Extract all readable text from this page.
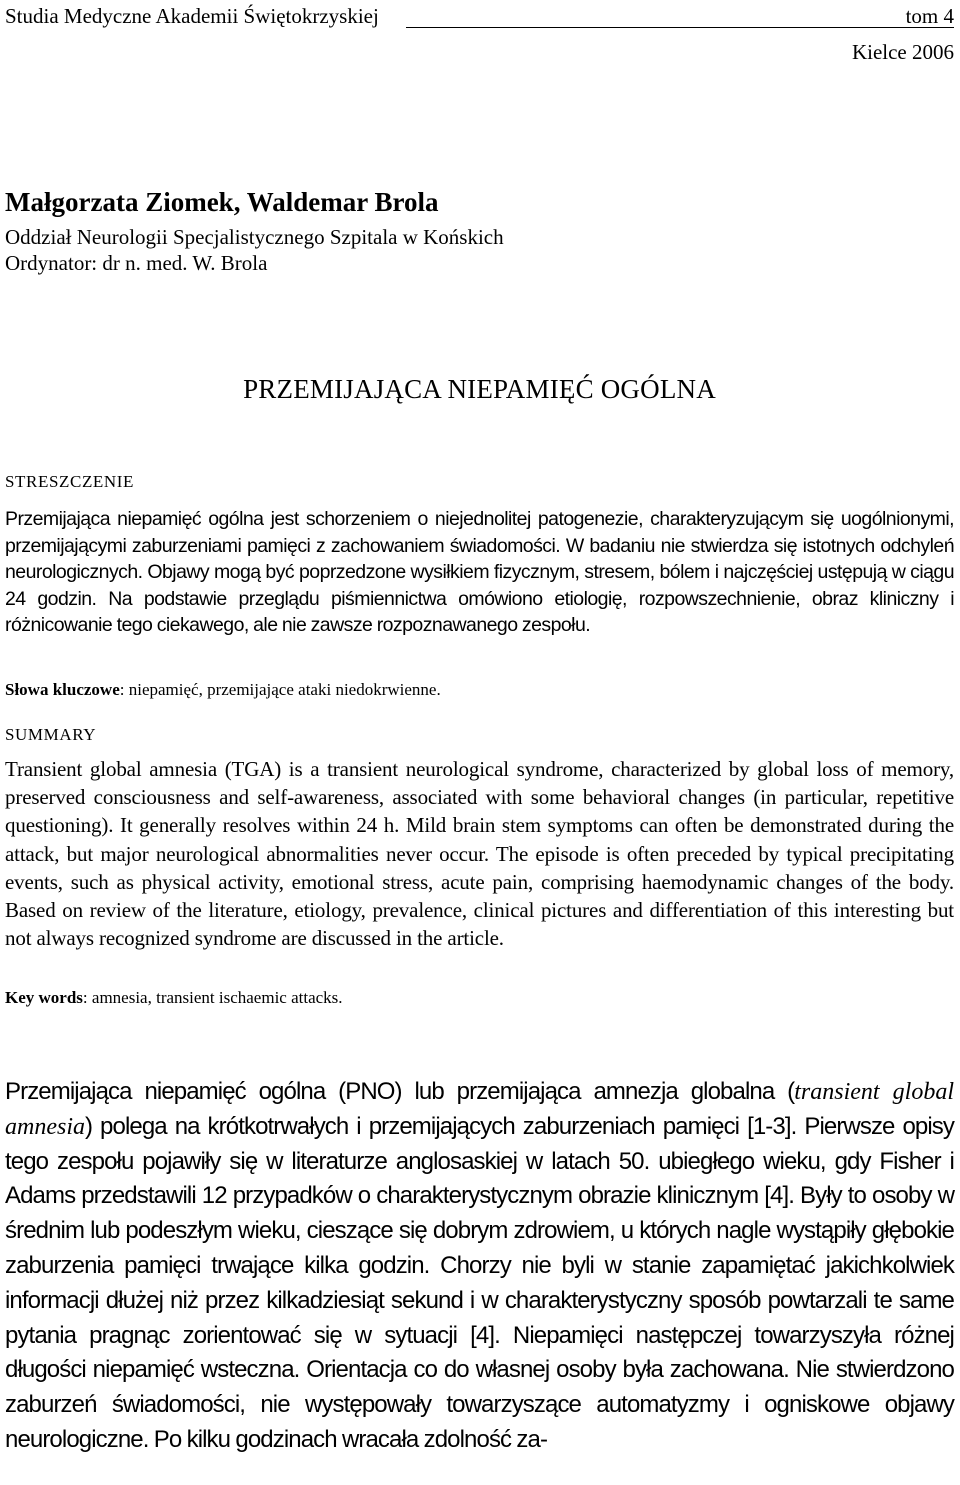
Studia Medyczne Akademii Świętokrzyskiej	tom 4
Kielce 2006
Małgorzata Ziomek, Waldemar Brola
Oddział Neurologii Specjalistycznego Szpitala w Końskich
Ordynator: dr n. med. W. Brola
PRZEMIJAJĄCA NIEPAMIĘĆ OGÓLNA
STRESZCZENIE

Przemijająca niepamięć ogólna jest schorzeniem o niejednolitej patogenezie, charakteryzującym się uogólnionymi, przemijającymi zaburzeniami pamięci z zachowaniem świadomości. W badaniu nie stwierdza się istotnych odchyleń neurologicznych. Objawy mogą być poprzedzone wysiłkiem fizycznym, stresem, bólem i najczęściej ustępują w ciągu 24 godzin. Na podstawie przeglądu piśmiennictwa omówiono etiologię, rozpowszechnienie, obraz kliniczny i różnicowanie tego ciekawego, ale nie zawsze rozpoznawanego zespołu.

Słowa kluczowe: niepamięć, przemijające ataki niedokrwienne.
SUMMARY

Transient global amnesia (TGA) is a transient neurological syndrome, characterized by global loss of memory, preserved consciousness and self-awareness, associated with some behavioral changes (in particular, repetitive questioning). It generally resolves within 24 h. Mild brain stem symptoms can often be demonstrated during the attack, but major neurological abnormalities never occur. The episode is often preceded by typical precipitating events, such as physical activity, emotional stress, acute pain, comprising haemodynamic changes of the body. Based on review of the literature, etiology, prevalence, clinical pictures and differentiation of this interesting but not always recognized syndrome are discussed in the article.

Key words: amnesia, transient ischaemic attacks.

Przemijająca niepamięć ogólna (PNO) lub przemijająca amnezja globalna (transient global amnesia) polega na krótkotrwałych i przemijających zaburzeniach pamięci [1-3]. Pierwsze opisy tego zespołu pojawiły się w literaturze anglosaskiej w latach 50. ubiegłego wieku, gdy Fisher i Adams przedstawili 12 przypadków o charakterystycznym obrazie klinicznym [4]. Były to osoby w średnim lub podeszłym wieku, cieszące się dobrym zdrowiem, u których nagle wystąpiły głębokie zaburzenia pamięci trwające kilka godzin. Chorzy nie byli w stanie zapamiętać jakichkolwiek informacji dłużej niż przez kilkadziesiąt sekund i w charakterystyczny sposób powtarzali te same pytania pragnąc zorientować się w sytuacji [4]. Niepamięci następczej towarzyszyła różnej długości niepamięć wsteczna. Orientacja co do własnej osoby była zachowana. Nie stwierdzono zaburzeń świadomości, nie występowały towarzyszące automatyzmy i ogniskowe objawy neurologiczne. Po kilku godzinach wracała zdolność za-
